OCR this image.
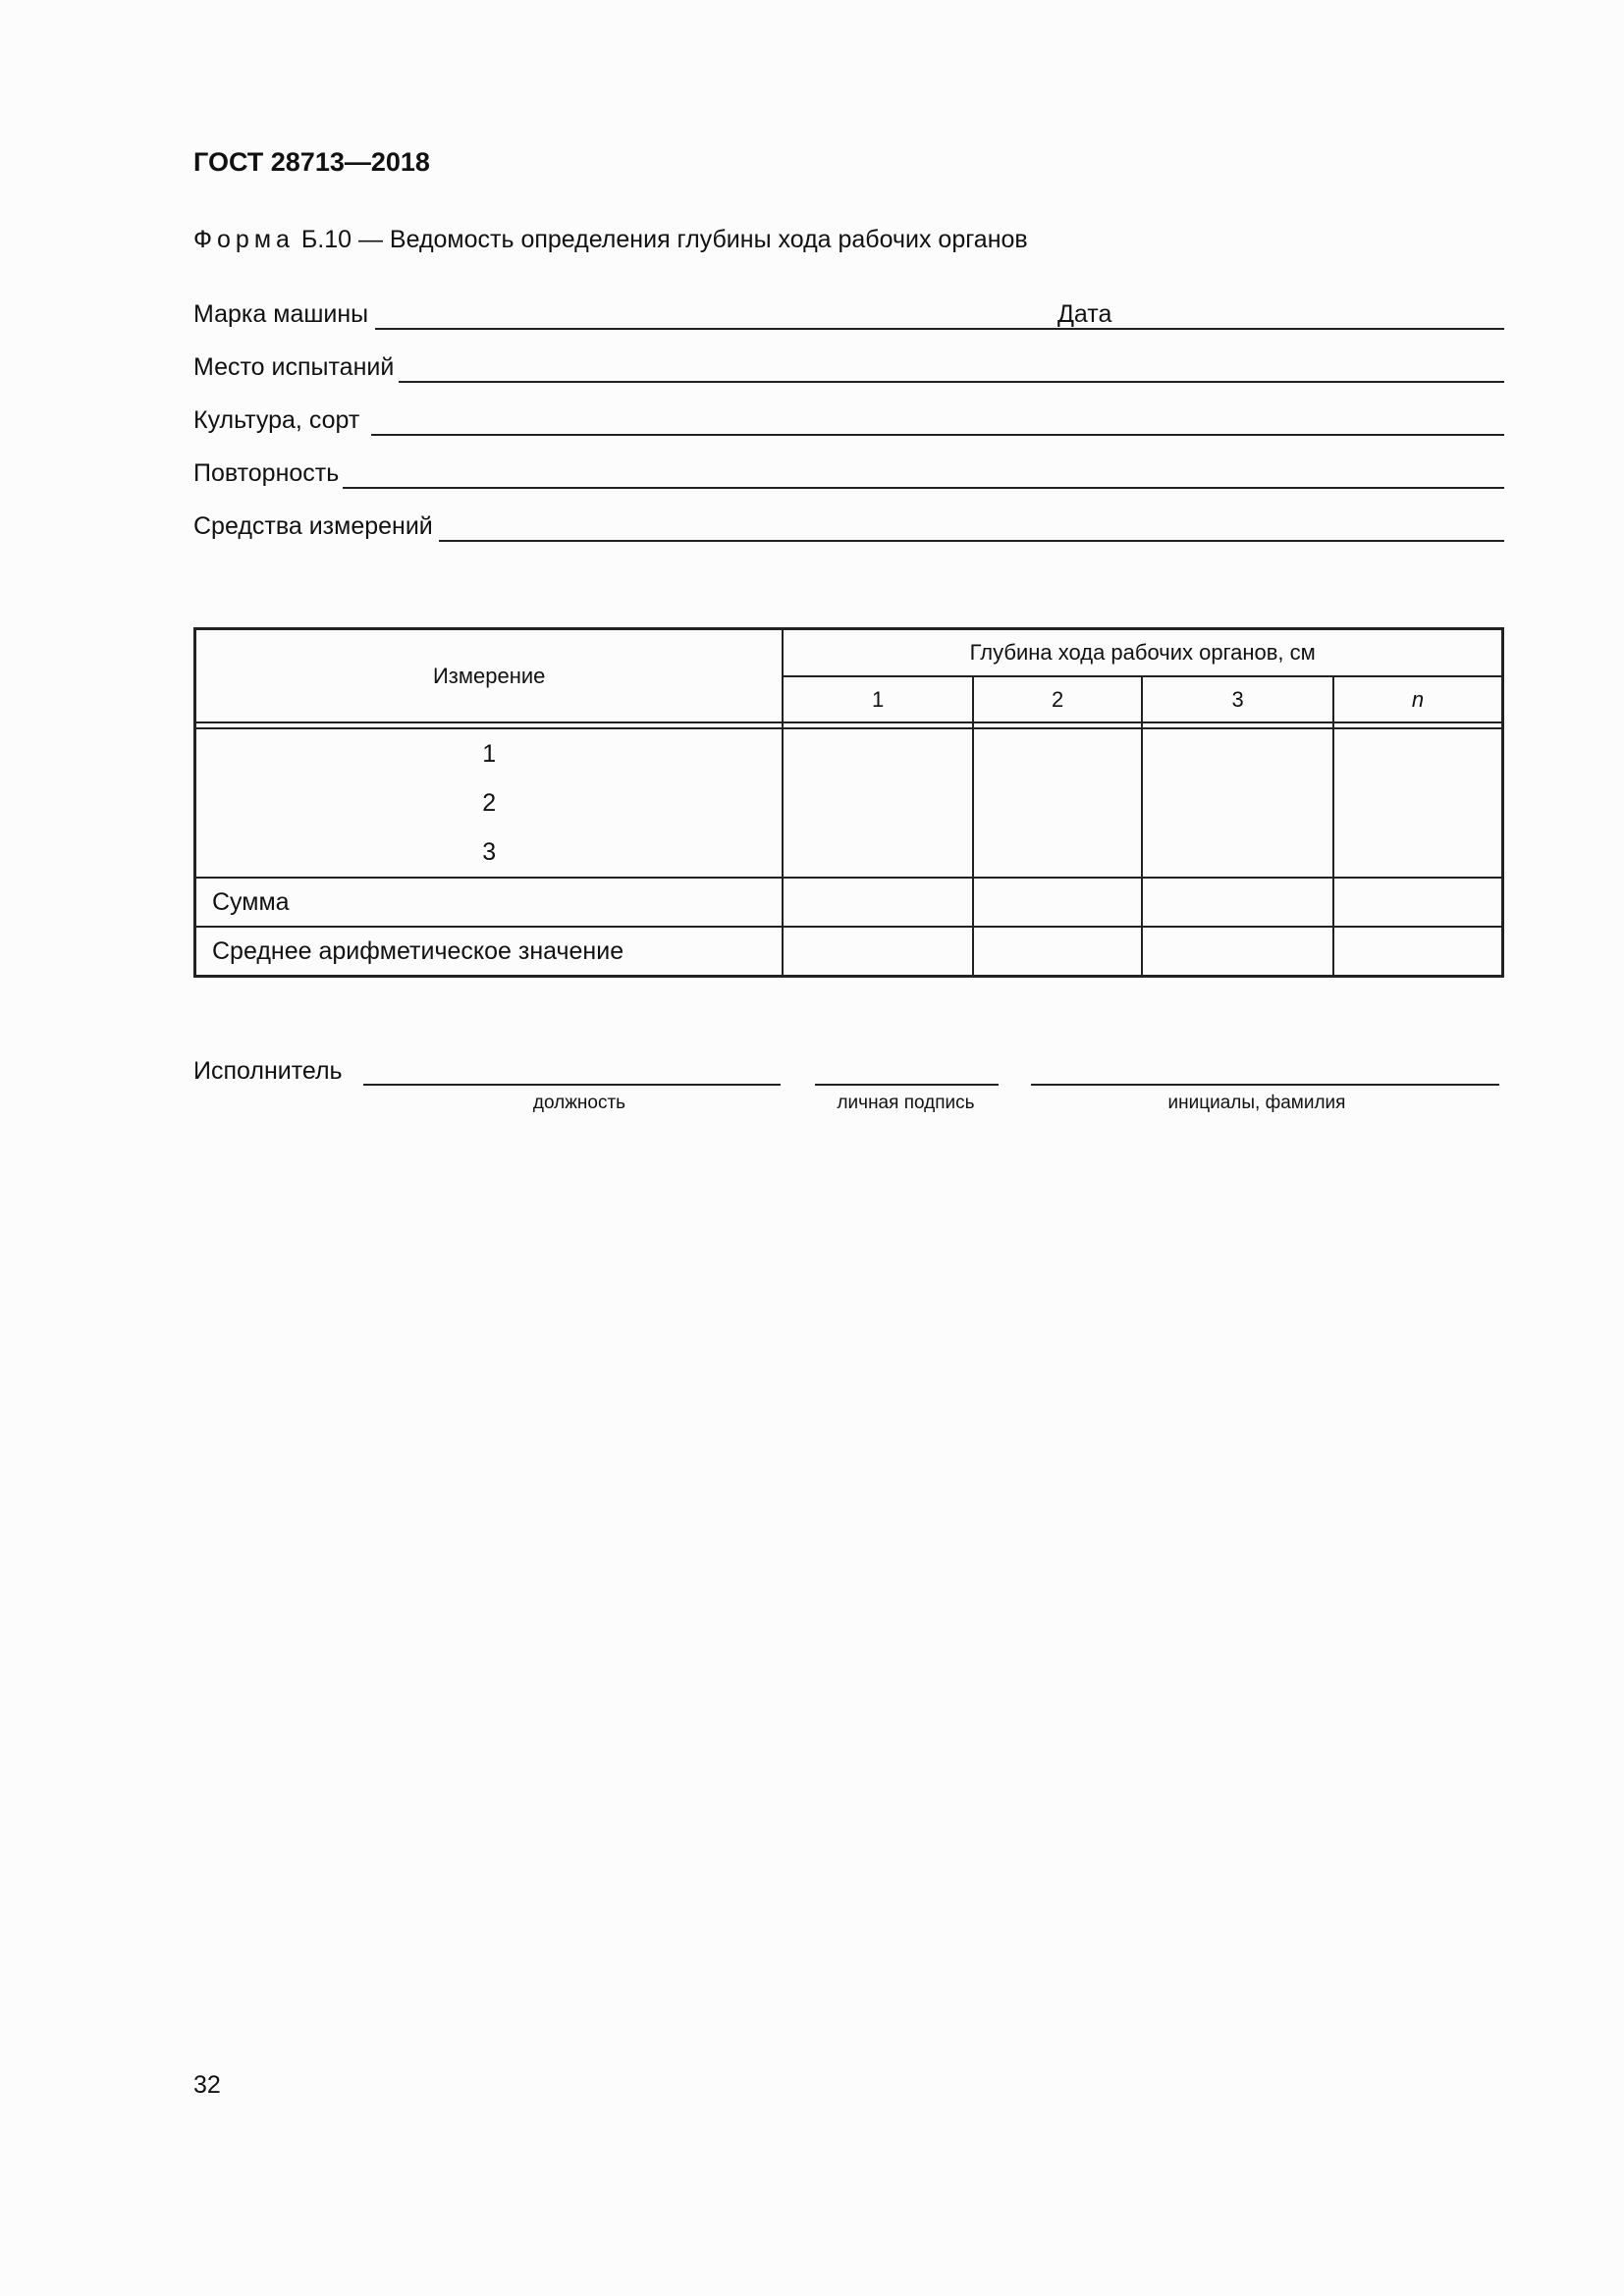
ГОСТ 28713—2018
Форма Б.10 — Ведомость определения глубины хода рабочих органов
Марка машины	Дата
Место испытаний
Культура, сорт
Повторность
Средства измерений
Измерение	Глубина хода рабочих органов, см			
	1	2	3	n

1
2
3				

Сумма				
Среднее арифметическое значение				
Исполнитель
должность	личная подпись	инициалы, фамилия
32
